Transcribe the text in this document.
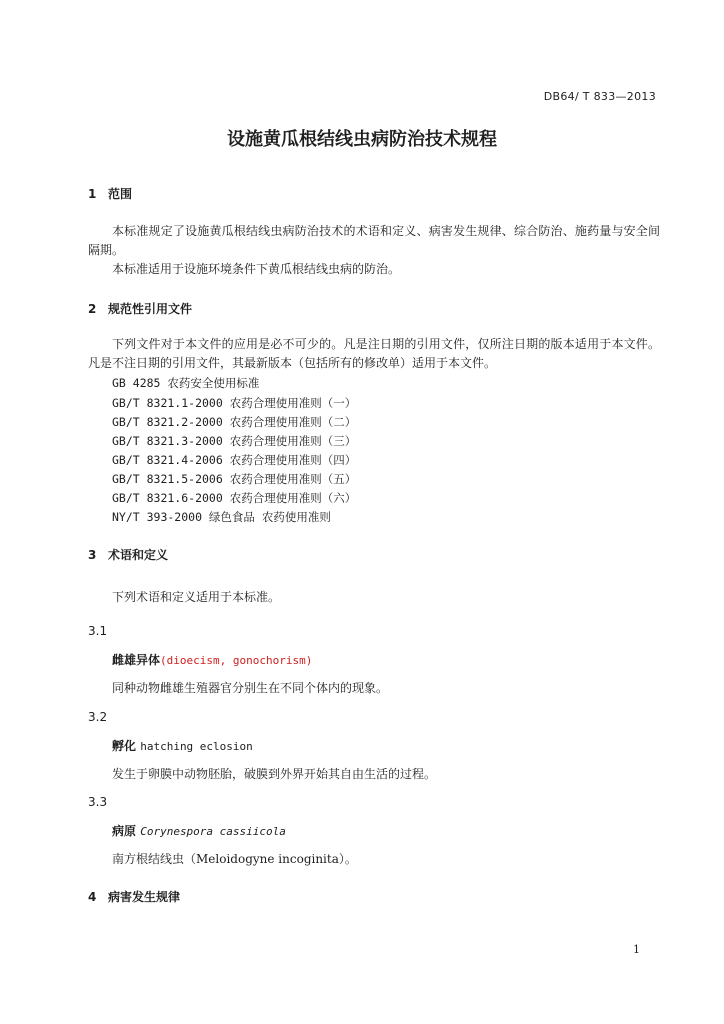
DB64/ T 833—2013
设施黄瓜根结线虫病防治技术规程
1 范围
本标准规定了设施黄瓜根结线虫病防治技术的术语和定义、病害发生规律、综合防治、施药量与安全间隔期。
本标准适用于设施环境条件下黄瓜根结线虫病的防治。
2 规范性引用文件
下列文件对于本文件的应用是必不可少的。凡是注日期的引用文件，仅所注日期的版本适用于本文件。凡是不注日期的引用文件，其最新版本（包括所有的修改单）适用于本文件。
GB 4285 农药安全使用标准
GB/T 8321.1-2000 农药合理使用准则（一）
GB/T 8321.2-2000 农药合理使用准则（二）
GB/T 8321.3-2000 农药合理使用准则（三）
GB/T 8321.4-2006 农药合理使用准则（四）
GB/T 8321.5-2006 农药合理使用准则（五）
GB/T 8321.6-2000 农药合理使用准则（六）
NY/T 393-2000 绿色食品 农药使用准则
3 术语和定义
下列术语和定义适用于本标准。
3.1
雌雄异体(dioecism, gonochorism)
同种动物雌雄生殖器官分别生在不同个体内的现象。
3.2
孵化 hatching eclosion
发生于卵膜中动物胚胎，破膜到外界开始其自由生活的过程。
3.3
病原 Corynespora cassiicola
南方根结线虫（Meloidogyne incoginita）。
4 病害发生规律
1
